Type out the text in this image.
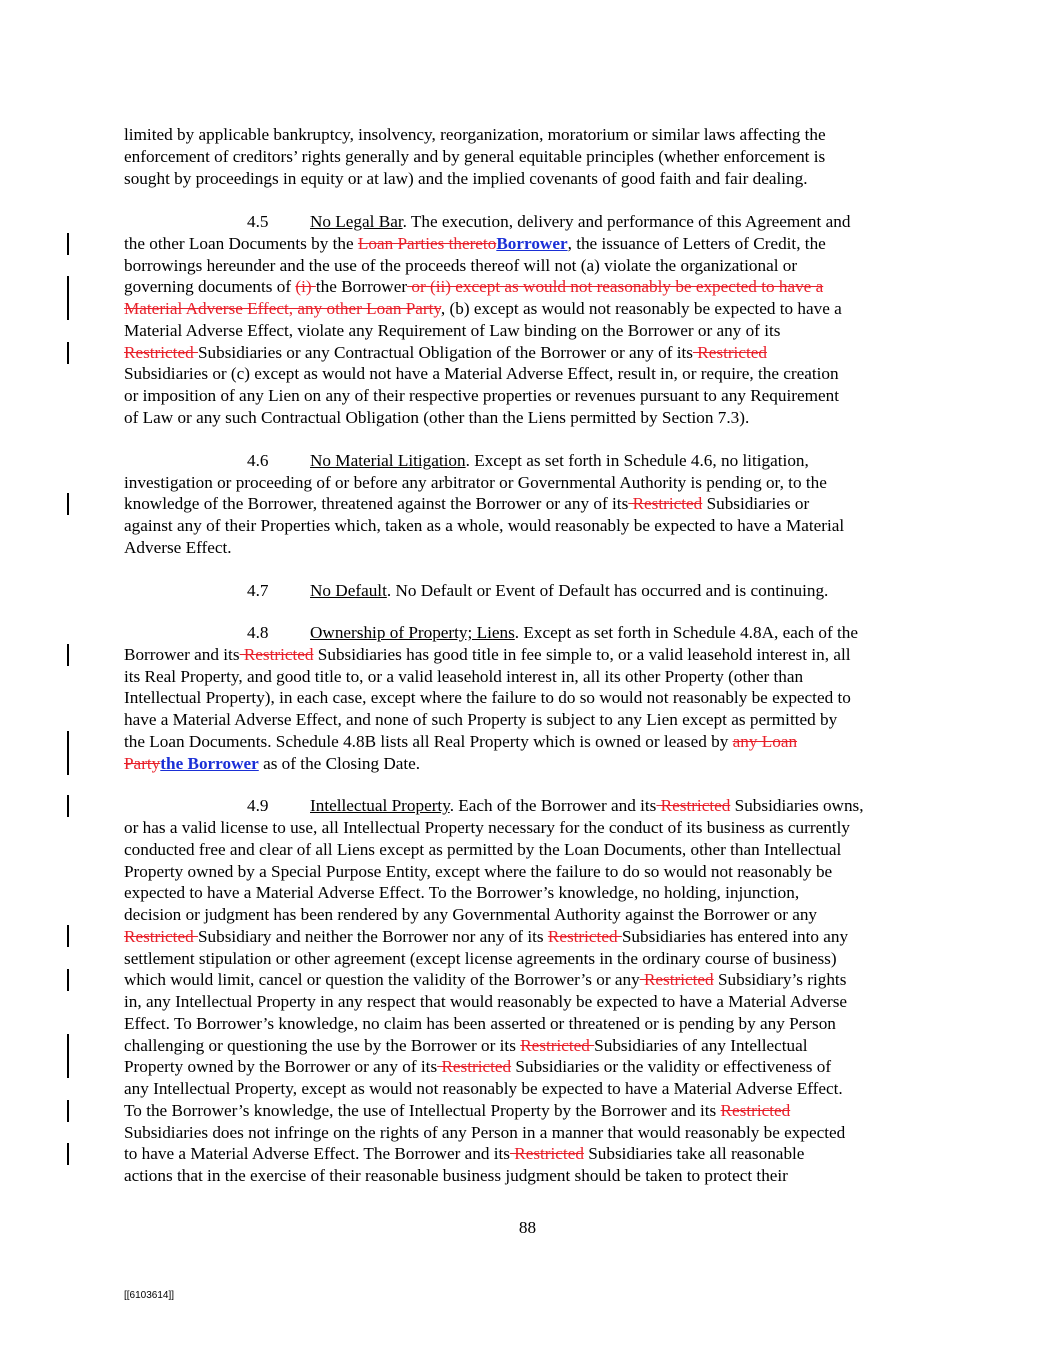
limited by applicable bankruptcy, insolvency, reorganization, moratorium or similar laws affecting the
enforcement of creditors’ rights generally and by general equitable principles (whether enforcement is
sought by proceedings in equity or at law) and the implied covenants of good faith and fair dealing.
4.5 No Legal Bar. The execution, delivery and performance of this Agreement and
the other Loan Documents by the Loan Parties theretoBorrower, the issuance of Letters of Credit, the
borrowings hereunder and the use of the proceeds thereof will not (a) violate the organizational or
governing documents of (i) the Borrower or (ii) except as would not reasonably be expected to have a
Material Adverse Effect, any other Loan Party, (b) except as would not reasonably be expected to have a
Material Adverse Effect, violate any Requirement of Law binding on the Borrower or any of its
Restricted Subsidiaries or any Contractual Obligation of the Borrower or any of its Restricted
Subsidiaries or (c) except as would not have a Material Adverse Effect, result in, or require, the creation
or imposition of any Lien on any of their respective properties or revenues pursuant to any Requirement
of Law or any such Contractual Obligation (other than the Liens permitted by Section 7.3).
4.6 No Material Litigation. Except as set forth in Schedule 4.6, no litigation,
investigation or proceeding of or before any arbitrator or Governmental Authority is pending or, to the
knowledge of the Borrower, threatened against the Borrower or any of its Restricted Subsidiaries or
against any of their Properties which, taken as a whole, would reasonably be expected to have a Material
Adverse Effect.
4.7 No Default. No Default or Event of Default has occurred and is continuing.
4.8 Ownership of Property; Liens. Except as set forth in Schedule 4.8A, each of the
Borrower and its Restricted Subsidiaries has good title in fee simple to, or a valid leasehold interest in, all
its Real Property, and good title to, or a valid leasehold interest in, all its other Property (other than
Intellectual Property), in each case, except where the failure to do so would not reasonably be expected to
have a Material Adverse Effect, and none of such Property is subject to any Lien except as permitted by
the Loan Documents. Schedule 4.8B lists all Real Property which is owned or leased by any Loan
Partythe Borrower as of the Closing Date.
4.9 Intellectual Property. Each of the Borrower and its Restricted Subsidiaries owns,
or has a valid license to use, all Intellectual Property necessary for the conduct of its business as currently
conducted free and clear of all Liens except as permitted by the Loan Documents, other than Intellectual
Property owned by a Special Purpose Entity, except where the failure to do so would not reasonably be
expected to have a Material Adverse Effect. To the Borrower’s knowledge, no holding, injunction,
decision or judgment has been rendered by any Governmental Authority against the Borrower or any
Restricted Subsidiary and neither the Borrower nor any of its Restricted Subsidiaries has entered into any
settlement stipulation or other agreement (except license agreements in the ordinary course of business)
which would limit, cancel or question the validity of the Borrower’s or any Restricted Subsidiary’s rights
in, any Intellectual Property in any respect that would reasonably be expected to have a Material Adverse
Effect. To Borrower’s knowledge, no claim has been asserted or threatened or is pending by any Person
challenging or questioning the use by the Borrower or its Restricted Subsidiaries of any Intellectual
Property owned by the Borrower or any of its Restricted Subsidiaries or the validity or effectiveness of
any Intellectual Property, except as would not reasonably be expected to have a Material Adverse Effect.
To the Borrower’s knowledge, the use of Intellectual Property by the Borrower and its Restricted
Subsidiaries does not infringe on the rights of any Person in a manner that would reasonably be expected
to have a Material Adverse Effect. The Borrower and its Restricted Subsidiaries take all reasonable
actions that in the exercise of their reasonable business judgment should be taken to protect their
88
[[6103614]]
